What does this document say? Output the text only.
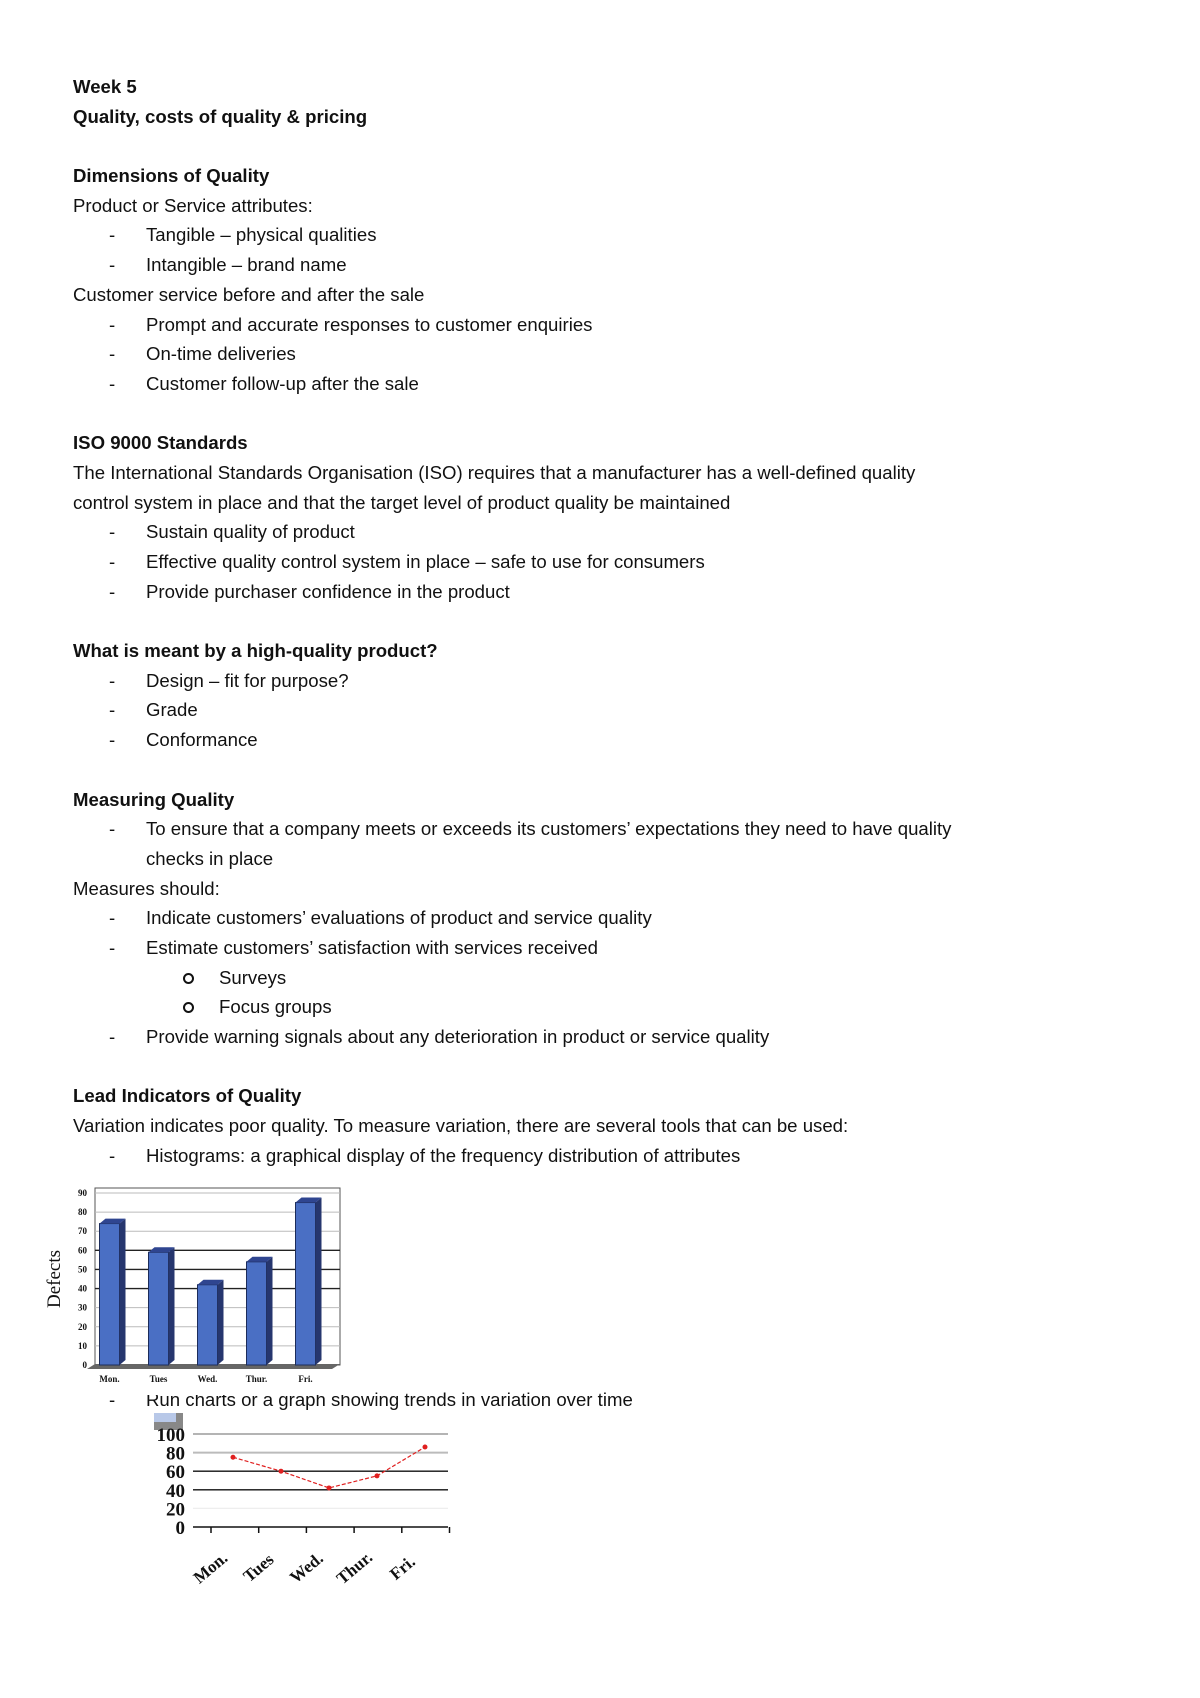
Week 5
Quality, costs of quality & pricing
Dimensions of Quality
Product or Service attributes:
- Tangible – physical qualities
- Intangible – brand name
Customer service before and after the sale
- Prompt and accurate responses to customer enquiries
- On-time deliveries
- Customer follow-up after the sale
ISO 9000 Standards
The International Standards Organisation (ISO) requires that a manufacturer has a well-defined quality
control system in place and that the target level of product quality be maintained
- Sustain quality of product
- Effective quality control system in place – safe to use for consumers
- Provide purchaser confidence in the product
What is meant by a high-quality product?
- Design – fit for purpose?
- Grade
- Conformance
Measuring Quality
- To ensure that a company meets or exceeds its customers’ expectations they need to have quality
checks in place
Measures should:
- Indicate customers’ evaluations of product and service quality
- Estimate customers’ satisfaction with services received
Surveys
Focus groups
- Provide warning signals about any deterioration in product or service quality
Lead Indicators of Quality
Variation indicates poor quality. To measure variation, there are several tools that can be used:
- Histograms: a graphical display of the frequency distribution of attributes
- Run charts or a graph showing trends in variation over time
0
10
20
30
40
50
60
70
80
90
Mon.	Tues	Wed.	Thur.	Fri.
Defects
0
20
40
60
80
100
Mon. Tues Wed. Thur. Fri.
